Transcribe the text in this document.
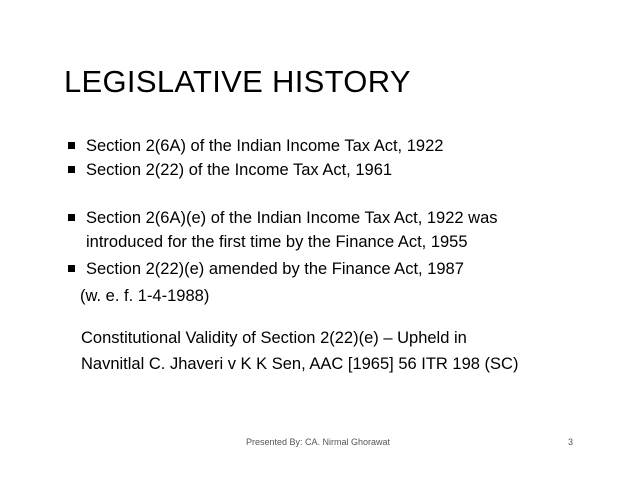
LEGISLATIVE HISTORY
Section 2(6A) of the Indian Income Tax Act, 1922
Section 2(22) of the Income Tax Act, 1961
Section 2(6A)(e) of the Indian Income Tax Act, 1922 was
introduced for the first time by the Finance Act, 1955
Section 2(22)(e) amended by the Finance Act, 1987
(w. e. f. 1-4-1988)
Constitutional Validity of Section 2(22)(e) – Upheld in
Navnitlal C. Jhaveri v K K Sen, AAC [1965] 56 ITR 198 (SC)
Presented By: CA. Nirmal Ghorawat	3
